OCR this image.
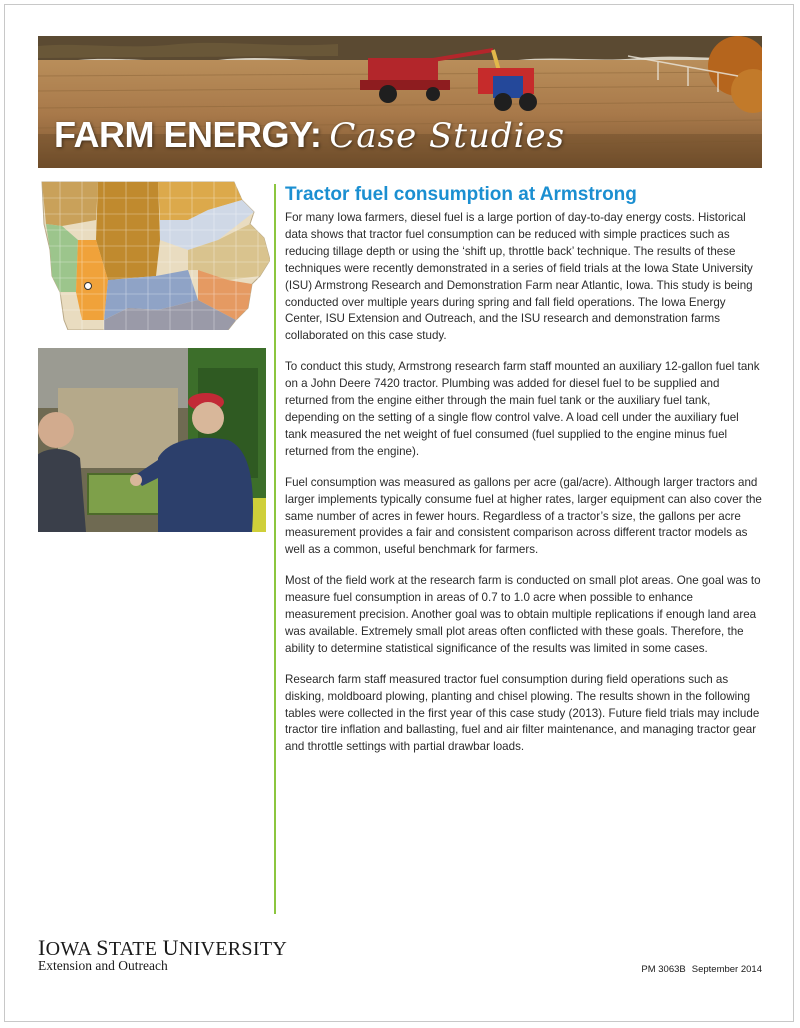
FARM ENERGY: Case Studies
Tractor fuel consumption at Armstrong

For many Iowa farmers, diesel fuel is a large portion of day-to-day energy costs. Historical data shows that tractor fuel consumption can be reduced with simple practices such as reducing tillage depth or using the ‘shift up, throttle back’ technique. The results of these techniques were recently demonstrated in a series of field trials at the Iowa State University (ISU) Armstrong Research and Demonstration Farm near Atlantic, Iowa. This study is being conducted over multiple years during spring and fall field operations. The Iowa Energy Center, ISU Extension and Outreach, and the ISU research and demonstration farms collaborated on this case study.

To conduct this study, Armstrong research farm staff mounted an auxiliary 12-gallon fuel tank on a John Deere 7420 tractor. Plumbing was added for diesel fuel to be supplied and returned from the engine either through the main fuel tank or the auxiliary fuel tank, depending on the setting of a single flow control valve. A load cell under the auxiliary fuel tank measured the net weight of fuel consumed (fuel supplied to the engine minus fuel returned from the engine).

Fuel consumption was measured as gallons per acre (gal/acre). Although larger tractors and larger implements typically consume fuel at higher rates, larger equipment can also cover the same number of acres in fewer hours. Regardless of a tractor’s size, the gallons per acre measurement provides a fair and consistent comparison across different tractor models as well as a common, useful benchmark for farmers.

Most of the field work at the research farm is conducted on small plot areas. One goal was to measure fuel consumption in areas of 0.7 to 1.0 acre when possible to enhance measurement precision. Another goal was to obtain multiple replications if enough land area was available. Extremely small plot areas often conflicted with these goals. Therefore, the ability to determine statistical significance of the results was limited in some cases.

Research farm staff measured tractor fuel consumption during field operations such as disking, moldboard plowing, planting and chisel plowing. The results shown in the following tables were collected in the first year of this case study (2013). Future field trials may include tractor tire inflation and ballasting, fuel and air filter maintenance, and managing tractor gear and throttle settings with partial drawbar loads.

IOWA STATE UNIVERSITY
Extension and Outreach	PM 3063B September 2014
